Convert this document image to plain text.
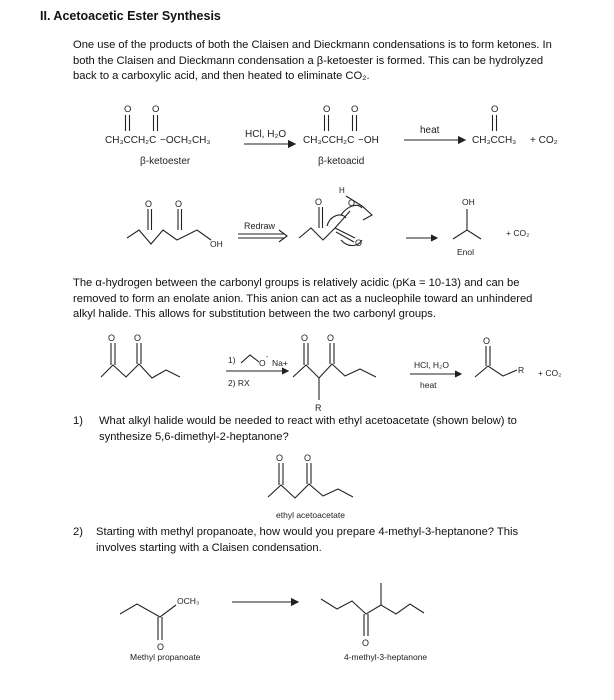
II. Acetoacetic Ester Synthesis
One use of the products of both the Claisen and Dieckmann condensations is to form ketones. In
both the Claisen and Dieckmann condensation a β-ketoester is formed. This can be hydrolyzed
back to a carboxylic acid, and then heated to eliminate CO₂.
O O
CH₃CCH₂C −OCH₂CH₃
β-ketoester
HCl, H₂O
O O
CH₃CCH₂C −OH
β-ketoacid
heat
O
CH₃CCH₃ + CO₂
O	O
OH
Redraw
O	O
O
H
OH
Enol
+ CO₂
O O
1)	O
-
Na+
2) RX
O O
R
HCl, H₂O
heat
O
R + CO₂
O O
ethyl acetoacetate
O
OCH₃
Methyl propanoate
O
4-methyl-3-heptanone
The α-hydrogen between the carbonyl groups is relatively acidic (pKa = 10-13) and can be
removed to form an enolate anion. This anion can act as a nucleophile toward an unhindered
alkyl halide. This allows for substitution between the two carbonyl groups.
1) What alkyl halide would be needed to react with ethyl acetoacetate (shown below) to
synthesize 5,6-dimethyl-2-heptanone?
2) Starting with methyl propanoate, how would you prepare 4-methyl-3-heptanone? This
involves starting with a Claisen condensation.
